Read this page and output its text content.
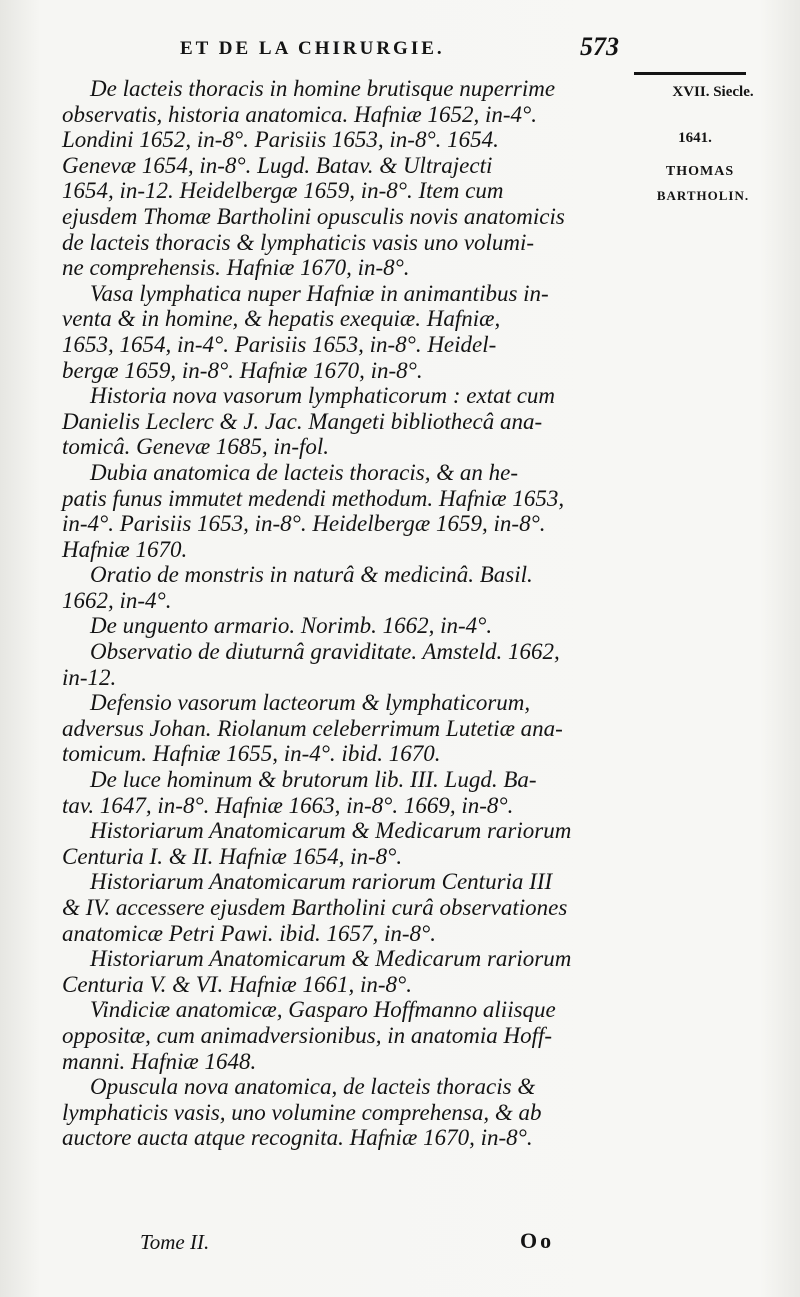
ET DE LA CHIRURGIE.	573
XVII. Siecle.
1641.
THOMAS
BARTHOLIN.
De lacteis thoracis in homine brutisque nuperrime
observatis, historia anatomica. Hafniæ 1652, in-4°.
Londini 1652, in-8°. Parisiis 1653, in-8°. 1654.
Genevæ 1654, in-8°. Lugd. Batav. & Ultrajecti
1654, in-12. Heidelbergæ 1659, in-8°. Item cum
ejusdem Thomæ Bartholini opusculis novis anatomicis
de lacteis thoracis & lymphaticis vasis uno volumi-
ne comprehensis. Hafniæ 1670, in-8°.
Vasa lymphatica nuper Hafniæ in animantibus in-
venta & in homine, & hepatis exequiæ. Hafniæ,
1653, 1654, in-4°. Parisiis 1653, in-8°. Heidel-
bergæ 1659, in-8°. Hafniæ 1670, in-8°.
Historia nova vasorum lymphaticorum : extat cum
Danielis Leclerc & J. Jac. Mangeti bibliothecâ ana-
tomicâ. Genevæ 1685, in-fol.
Dubia anatomica de lacteis thoracis, & an he-
patis funus immutet medendi methodum. Hafniæ 1653,
in-4°. Parisiis 1653, in-8°. Heidelbergæ 1659, in-8°.
Hafniæ 1670.
Oratio de monstris in naturâ & medicinâ. Basil.
1662, in-4°.
De unguento armario. Norimb. 1662, in-4°.
Observatio de diuturnâ graviditate. Amsteld. 1662,
in-12.
Defensio vasorum lacteorum & lymphaticorum,
adversus Johan. Riolanum celeberrimum Lutetiæ ana-
tomicum. Hafniæ 1655, in-4°. ibid. 1670.
De luce hominum & brutorum lib. III. Lugd. Ba-
tav. 1647, in-8°. Hafniæ 1663, in-8°. 1669, in-8°.
Historiarum Anatomicarum & Medicarum rariorum
Centuria I. & II. Hafniæ 1654, in-8°.
Historiarum Anatomicarum rariorum Centuria III
& IV. accessere ejusdem Bartholini curâ observationes
anatomicæ Petri Pawi. ibid. 1657, in-8°.
Historiarum Anatomicarum & Medicarum rariorum
Centuria V. & VI. Hafniæ 1661, in-8°.
Vindiciæ anatomicæ, Gasparo Hoffmanno aliisque
oppositæ, cum animadversionibus, in anatomia Hoff-
manni. Hafniæ 1648.
Opuscula nova anatomica, de lacteis thoracis &
lymphaticis vasis, uno volumine comprehensa, & ab
auctore aucta atque recognita. Hafniæ 1670, in-8°.
Tome II.	Oo
